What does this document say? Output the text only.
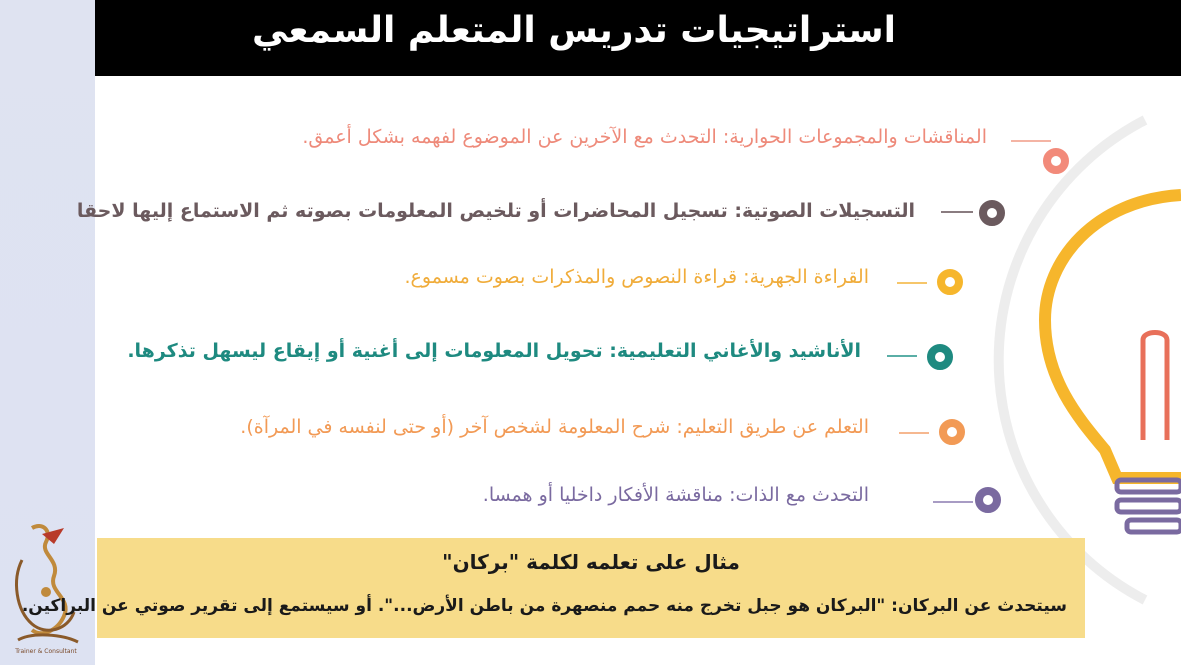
Trainer & Consultant
استراتيجيات تدريس المتعلم السمعي
المناقشات والمجموعات الحوارية: التحدث مع الآخرين عن الموضوع لفهمه بشكل أعمق.
التسجيلات الصوتية: تسجيل المحاضرات أو تلخيص المعلومات بصوته ثم الاستماع إليها لاحقا
القراءة الجهرية: قراءة النصوص والمذكرات بصوت مسموع.
الأناشيد والأغاني التعليمية: تحويل المعلومات إلى أغنية أو إيقاع ليسهل تذكرها.
التعلم عن طريق التعليم: شرح المعلومة لشخص آخر (أو حتى لنفسه في المرآة).
التحدث مع الذات: مناقشة الأفكار داخليا أو همسا.
مثال على تعلمه لكلمة "بركان"
سيتحدث عن البركان: "البركان هو جبل تخرج منه حمم منصهرة من باطن الأرض...". أو سيستمع إلى تقرير صوتي عن البراكين.
